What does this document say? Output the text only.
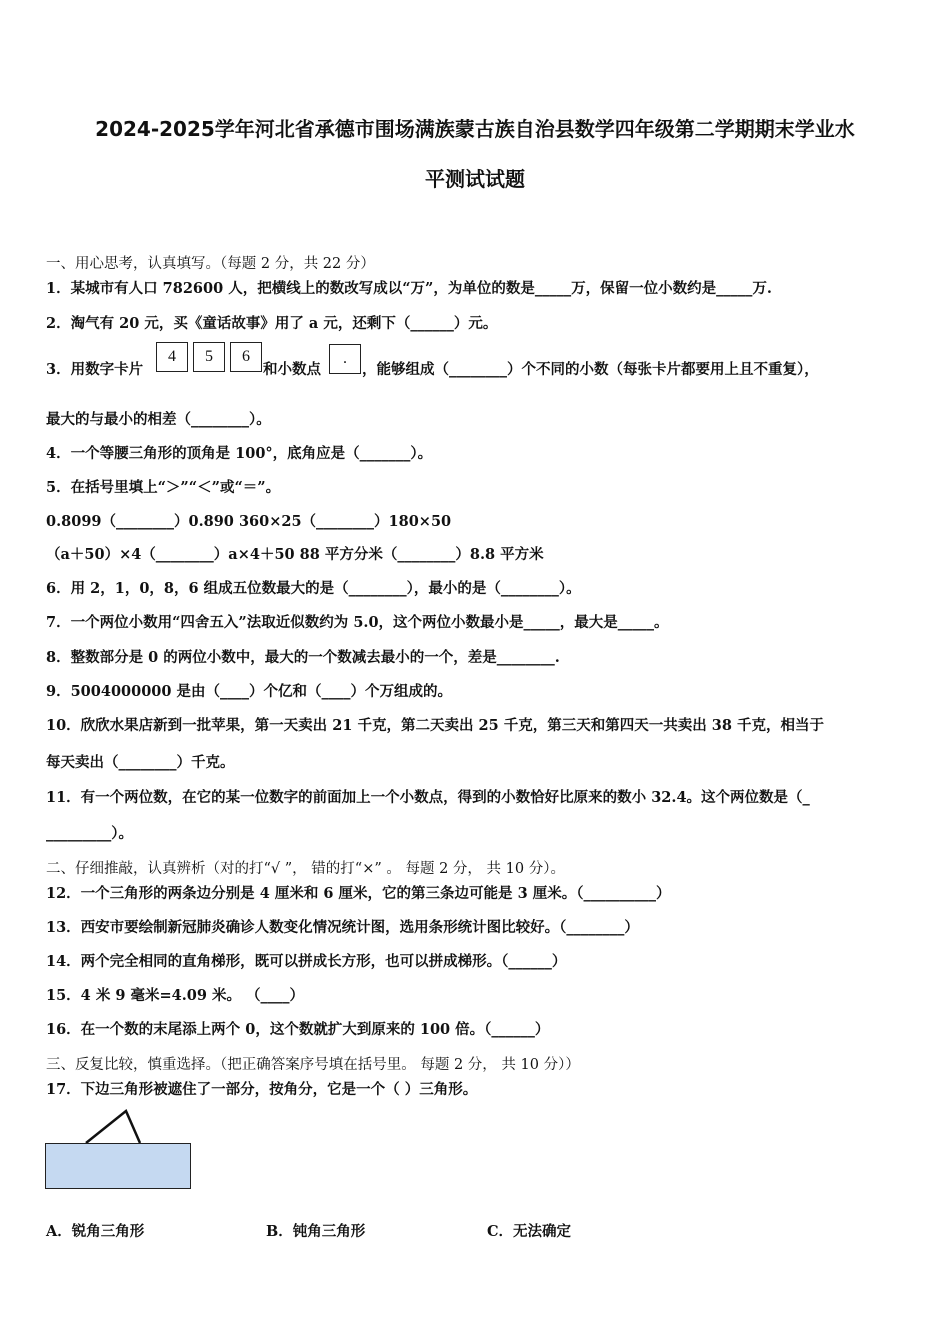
2024-2025学年河北省承德市围场满族蒙古族自治县数学四年级第二学期期末学业水
平测试试题
一、用心思考，认真填写。（每题 2 分，共 22 分）
1．某城市有人口 782600 人，把横线上的数改写成以“万”，为单位的数是_____万，保留一位小数约是_____万.
2．淘气有 20 元，买《童话故事》用了 a 元，还剩下（______）元。
3．用数字卡片
4	5	6
和小数点
.
，能够组成（________）个不同的小数（每张卡片都要用上且不重复），
最大的与最小的相差（________）。
4．一个等腰三角形的顶角是 100°，底角应是（_______）。
5．在括号里填上“＞”“＜”或“＝”。
0.8099（________）0.890 360×25（________）180×50
（a＋50）×4（________）a×4＋50 88 平方分米（________）8.8 平方米
6．用 2，1，0，8，6 组成五位数最大的是（________），最小的是（________）。
7．一个两位小数用“四舍五入”法取近似数约为 5.0，这个两位小数最小是_____，最大是_____。
8．整数部分是 0 的两位小数中，最大的一个数减去最小的一个，差是________.
9．5004000000 是由（____）个亿和（____）个万组成的。
10．欣欣水果店新到一批苹果，第一天卖出 21 千克，第二天卖出 25 千克，第三天和第四天一共卖出 38 千克，相当于
每天卖出（________）千克。
11．有一个两位数，在它的某一位数字的前面加上一个小数点，得到的小数恰好比原来的数小 32.4。这个两位数是（_
_________）。
二、仔细推敲，认真辨析（对的打“√ ”， 错的打“×” 。 每题 2 分， 共 10 分）。
12．一个三角形的两条边分别是 4 厘米和 6 厘米，它的第三条边可能是 3 厘米。（__________）
13．西安市要绘制新冠肺炎确诊人数变化情况统计图，选用条形统计图比较好。（________）
14．两个完全相同的直角梯形，既可以拼成长方形，也可以拼成梯形。（______）
15．4 米 9 毫米=4.09 米。 （____）
16．在一个数的末尾添上两个 0，这个数就扩大到原来的 100 倍。（______）
三、反复比较，慎重选择。（把正确答案序号填在括号里。 每题 2 分， 共 10 分））
17．下边三角形被遮住了一部分，按角分，它是一个（ ）三角形。
A．锐角三角形	B．钝角三角形	C．无法确定
